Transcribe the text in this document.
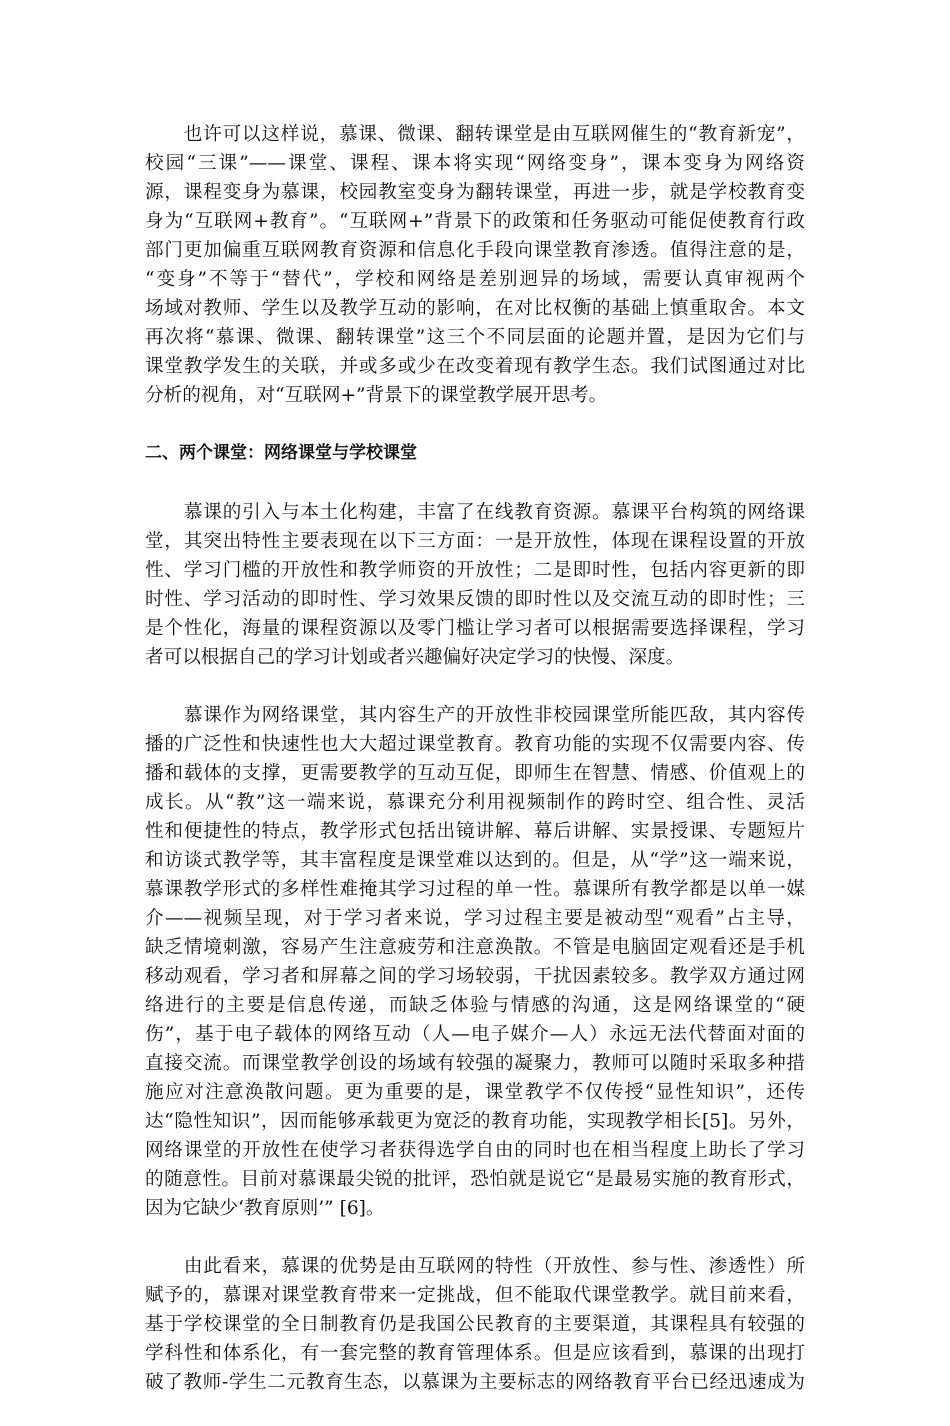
　　也许可以这样说，慕课、微课、翻转课堂是由互联网催生的“教育新宠”，
校园“三课”——课堂、课程、课本将实现“网络变身”，课本变身为网络资
源，课程变身为慕课，校园教室变身为翻转课堂，再进一步，就是学校教育变
身为“互联网+教育”。“互联网+”背景下的政策和任务驱动可能促使教育行政
部门更加偏重互联网教育资源和信息化手段向课堂教育渗透。值得注意的是，
“变身”不等于“替代”，学校和网络是差别迥异的场域，需要认真审视两个
场域对教师、学生以及教学互动的影响，在对比权衡的基础上慎重取舍。本文
再次将“慕课、微课、翻转课堂”这三个不同层面的论题并置，是因为它们与
课堂教学发生的关联，并或多或少在改变着现有教学生态。我们试图通过对比
分析的视角，对“互联网+”背景下的课堂教学展开思考。
二、两个课堂：网络课堂与学校课堂
　　慕课的引入与本土化构建，丰富了在线教育资源。慕课平台构筑的网络课
堂，其突出特性主要表现在以下三方面：一是开放性，体现在课程设置的开放
性、学习门槛的开放性和教学师资的开放性；二是即时性，包括内容更新的即
时性、学习活动的即时性、学习效果反馈的即时性以及交流互动的即时性；三
是个性化，海量的课程资源以及零门槛让学习者可以根据需要选择课程，学习
者可以根据自己的学习计划或者兴趣偏好决定学习的快慢、深度。
　　慕课作为网络课堂，其内容生产的开放性非校园课堂所能匹敌，其内容传
播的广泛性和快速性也大大超过课堂教育。教育功能的实现不仅需要内容、传
播和载体的支撑，更需要教学的互动互促，即师生在智慧、情感、价值观上的
成长。从“教”这一端来说，慕课充分利用视频制作的跨时空、组合性、灵活
性和便捷性的特点，教学形式包括出镜讲解、幕后讲解、实景授课、专题短片
和访谈式教学等，其丰富程度是课堂难以达到的。但是，从“学”这一端来说，
慕课教学形式的多样性难掩其学习过程的单一性。慕课所有教学都是以单一媒
介——视频呈现，对于学习者来说，学习过程主要是被动型“观看”占主导，
缺乏情境刺激，容易产生注意疲劳和注意涣散。不管是电脑固定观看还是手机
移动观看，学习者和屏幕之间的学习场较弱，干扰因素较多。教学双方通过网
络进行的主要是信息传递，而缺乏体验与情感的沟通，这是网络课堂的“硬
伤”，基于电子载体的网络互动（人—电子媒介—人）永远无法代替面对面的
直接交流。而课堂教学创设的场域有较强的凝聚力，教师可以随时采取多种措
施应对注意涣散问题。更为重要的是，课堂教学不仅传授“显性知识”，还传
达“隐性知识”，因而能够承载更为宽泛的教育功能，实现教学相长[5]。另外，
网络课堂的开放性在使学习者获得选学自由的同时也在相当程度上助长了学习
的随意性。目前对慕课最尖锐的批评，恐怕就是说它“是最易实施的教育形式，
因为它缺少‘教育原则’” [6]。
　　由此看来，慕课的优势是由互联网的特性（开放性、参与性、渗透性）所
赋予的，慕课对课堂教育带来一定挑战，但不能取代课堂教学。就目前来看，
基于学校课堂的全日制教育仍是我国公民教育的主要渠道，其课程具有较强的
学科性和体系化，有一套完整的教育管理体系。但是应该看到，慕课的出现打
破了教师-学生二元教育生态，以慕课为主要标志的网络教育平台已经迅速成为
